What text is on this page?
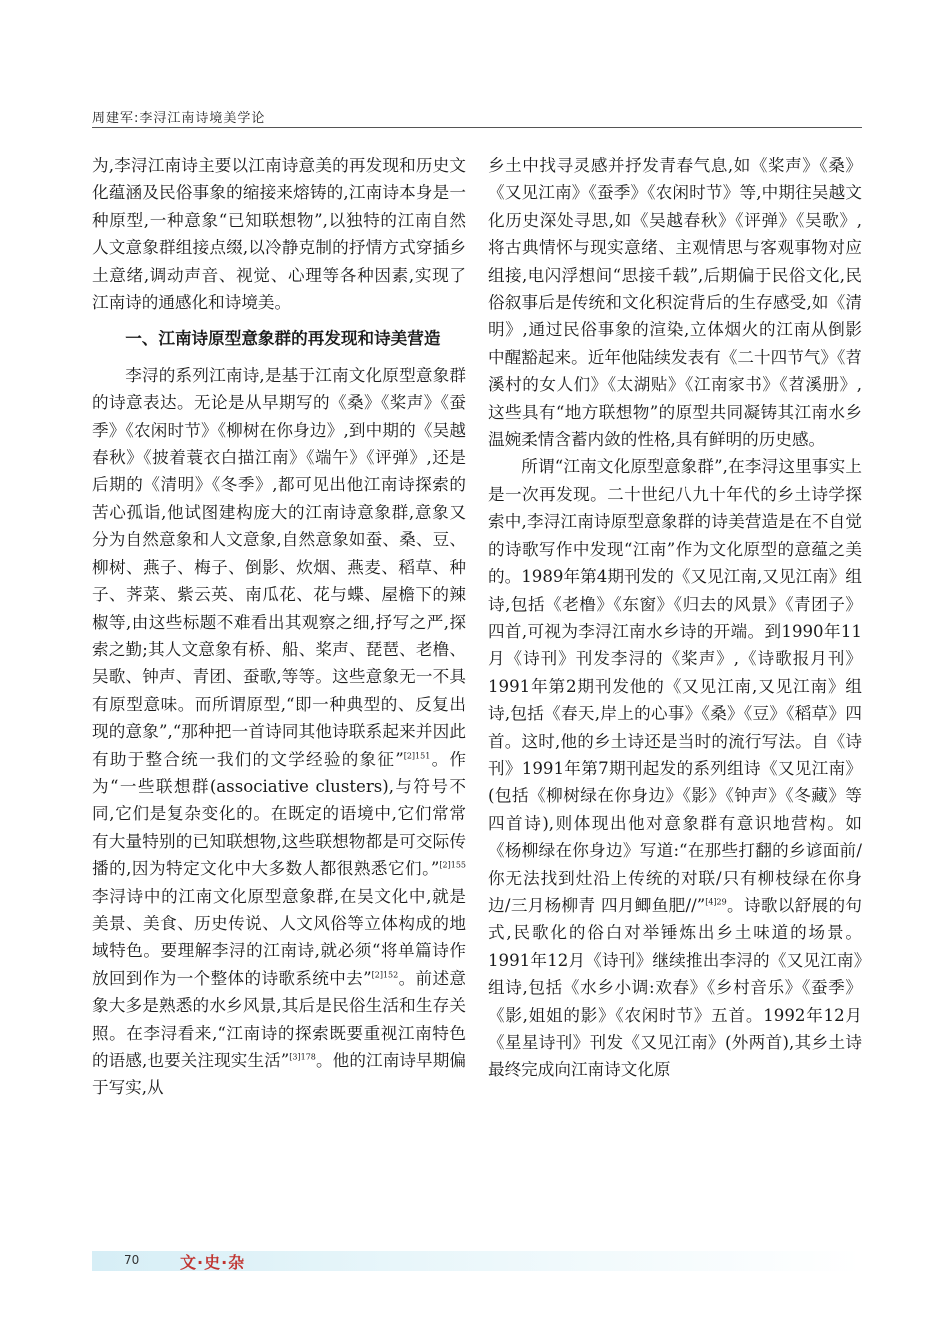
周建军:李浔江南诗境美学论

为,李浔江南诗主要以江南诗意美的再发现和历史文化蕴涵及民俗事象的缩接来熔铸的,江南诗本身是一种原型,一种意象“已知联想物”,以独特的江南自然人文意象群组接点缀,以冷静克制的抒情方式穿插乡土意绪,调动声音、视觉、心理等各种因素,实现了江南诗的通感化和诗境美。

一、江南诗原型意象群的再发现和诗美营造

李浔的系列江南诗,是基于江南文化原型意象群的诗意表达。无论是从早期写的《桑》《桨声》《蚕季》《农闲时节》《柳树在你身边》,到中期的《吴越春秋》《披着蓑衣白描江南》《端午》《评弹》,还是后期的《清明》《冬季》,都可见出他江南诗探索的苦心孤诣,他试图建构庞大的江南诗意象群,意象又分为自然意象和人文意象,自然意象如蚕、桑、豆、柳树、燕子、梅子、倒影、炊烟、燕麦、稻草、种子、荠菜、紫云英、南瓜花、花与蝶、屋檐下的辣椒等,由这些标题不难看出其观察之细,抒写之严,探索之勤;其人文意象有桥、船、桨声、琵琶、老橹、吴歌、钟声、青团、蚕歌,等等。这些意象无一不具有原型意味。而所谓原型,“即一种典型的、反复出现的意象”,“那种把一首诗同其他诗联系起来并因此有助于整合统一我们的文学经验的象征”$^{[2]151}$。作为“一些联想群(associative clusters),与符号不同,它们是复杂变化的。在既定的语境中,它们常常有大量特别的已知联想物,这些联想物都是可交际传播的,因为特定文化中大多数人都很熟悉它们。”$^{[2]155}$李浔诗中的江南文化原型意象群,在吴文化中,就是美景、美食、历史传说、人文风俗等立体构成的地域特色。要理解李浔的江南诗,就必须“将单篇诗作放回到作为一个整体的诗歌系统中去”$^{[2]152}$。前述意象大多是熟悉的水乡风景,其后是民俗生活和生存关照。在李浔看来,“江南诗的探索既要重视江南特色的语感,也要关注现实生活”$^{[3]178}$。他的江南诗早期偏于写实,从

乡土中找寻灵感并抒发青春气息,如《桨声》《桑》《又见江南》《蚕季》《农闲时节》等,中期往吴越文化历史深处寻思,如《吴越春秋》《评弹》《吴歌》,将古典情怀与现实意绪、主观情思与客观事物对应组接,电闪浮想间“思接千载”,后期偏于民俗文化,民俗叙事后是传统和文化积淀背后的生存感受,如《清明》,通过民俗事象的渲染,立体烟火的江南从倒影中醒豁起来。近年他陆续发表有《二十四节气》《苕溪村的女人们》《太湖贴》《江南家书》《苕溪册》,这些具有“地方联想物”的原型共同凝铸其江南水乡温婉柔情含蓄内敛的性格,具有鲜明的历史感。

所谓“江南文化原型意象群”,在李浔这里事实上是一次再发现。二十世纪八九十年代的乡土诗学探索中,李浔江南诗原型意象群的诗美营造是在不自觉的诗歌写作中发现“江南”作为文化原型的意蕴之美的。1989年第4期刊发的《又见江南,又见江南》组诗,包括《老橹》《东窗》《归去的风景》《青团子》四首,可视为李浔江南水乡诗的开端。到1990年11月《诗刊》刊发李浔的《桨声》,《诗歌报月刊》1991年第2期刊发他的《又见江南,又见江南》组诗,包括《春天,岸上的心事》《桑》《豆》《稻草》四首。这时,他的乡土诗还是当时的流行写法。自《诗刊》1991年第7期刊起发的系列组诗《又见江南》(包括《柳树绿在你身边》《影》《钟声》《冬藏》等四首诗),则体现出他对意象群有意识地营构。如《杨柳绿在你身边》写道:“在那些打翻的乡谚面前/你无法找到灶沿上传统的对联/只有柳枝绿在你身边/三月杨柳青 四月鲫鱼肥//”$^{[4]29}$。诗歌以舒展的句式,民歌化的俗白对举锤炼出乡土味道的场景。1991年12月《诗刊》继续推出李浔的《又见江南》组诗,包括《水乡小调:欢春》《乡村音乐》《蚕季》《影,姐姐的影》《农闲时节》五首。1992年12月《星星诗刊》刊发《又见江南》(外两首),其乡土诗最终完成向江南诗文化原

70	文·史·杂
